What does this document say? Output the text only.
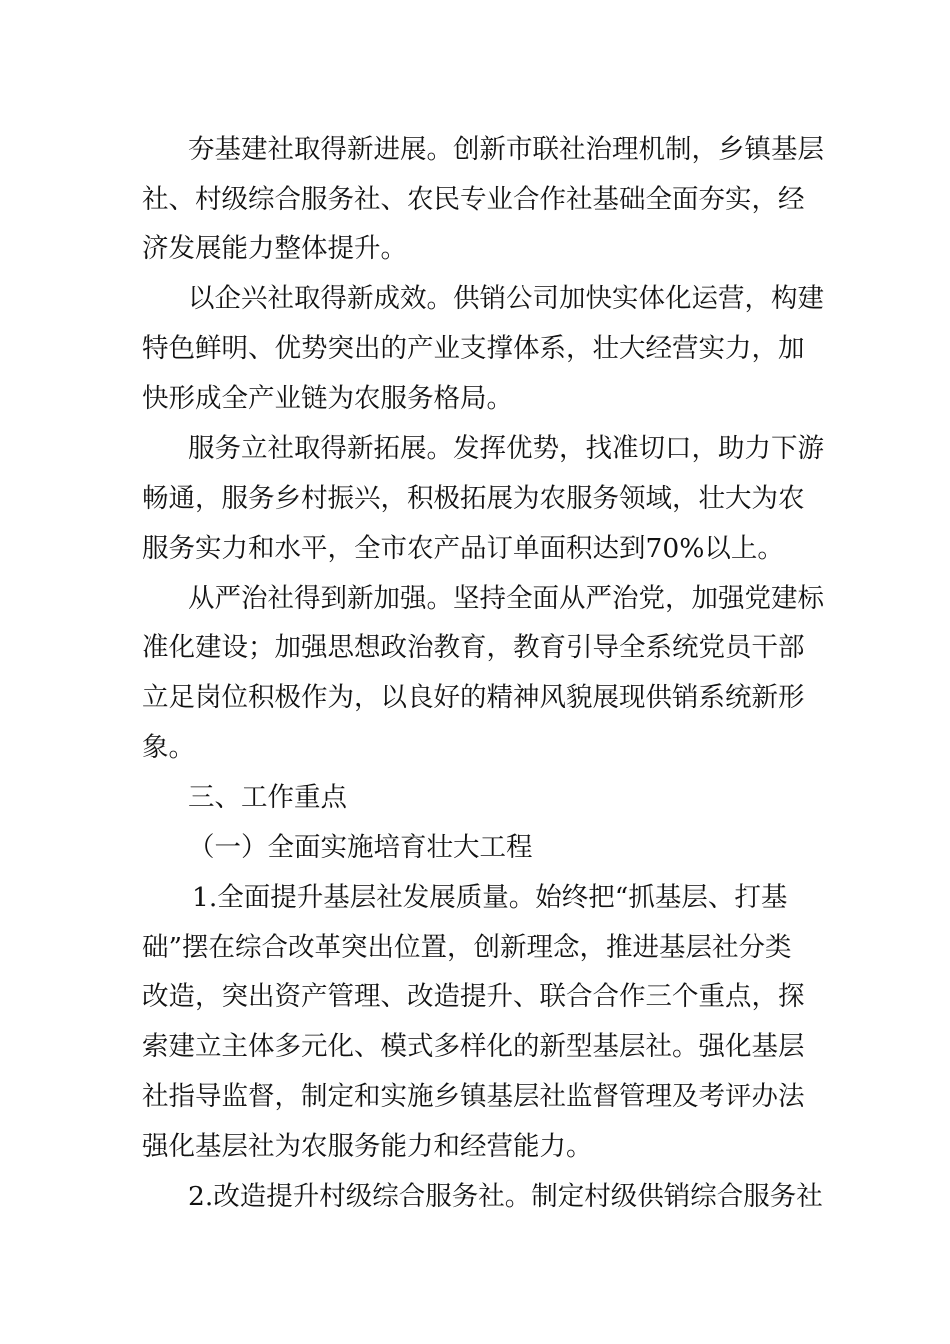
夯基建社取得新进展。创新市联社治理机制，乡镇基层
社、村级综合服务社、农民专业合作社基础全面夯实，经
济发展能力整体提升。
以企兴社取得新成效。供销公司加快实体化运营，构建
特色鲜明、优势突出的产业支撑体系，壮大经营实力，加
快形成全产业链为农服务格局。
服务立社取得新拓展。发挥优势，找准切口，助力下游
畅通，服务乡村振兴，积极拓展为农服务领域，壮大为农
服务实力和水平，全市农产品订单面积达到70%以上。
从严治社得到新加强。坚持全面从严治党，加强党建标
准化建设；加强思想政治教育，教育引导全系统党员干部
立足岗位积极作为，以良好的精神风貌展现供销系统新形
象。
三、工作重点
（一）全面实施培育壮大工程
1.全面提升基层社发展质量。始终把“抓基层、打基
础”摆在综合改革突出位置，创新理念，推进基层社分类
改造，突出资产管理、改造提升、联合合作三个重点，探
索建立主体多元化、模式多样化的新型基层社。强化基层
社指导监督，制定和实施乡镇基层社监督管理及考评办法
强化基层社为农服务能力和经营能力。
2.改造提升村级综合服务社。制定村级供销综合服务社
